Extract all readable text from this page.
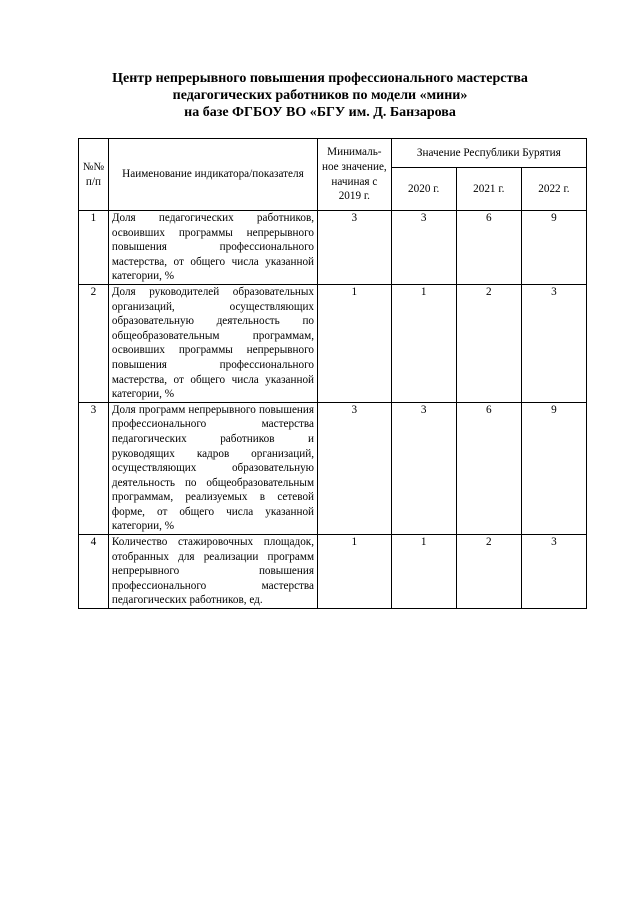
Центр непрерывного повышения профессионального мастерства
педагогических работников по модели «мини»
на базе ФГБОУ ВО «БГУ им. Д. Банзарова
№№ п/п	Наименование индикатора/показателя	Минималь-ное значение, начиная с 2019 г.	Значение Республики Бурятия		
			2020 г.	2021 г.	2022 г.
1	Доля педагогических работников, освоивших программы непрерывного повышения профессионального мастерства, от общего числа указанной категории, %	3	3	6	9
2	Доля руководителей образовательных организаций, осуществляющих образовательную деятельность по общеобразовательным программам, освоивших программы непрерывного повышения профессионального мастерства, от общего числа указанной категории, %	1	1	2	3
3	Доля программ непрерывного повышения профессионального мастерства педагогических работников и руководящих кадров организаций, осуществляющих образовательную деятельность по общеобразовательным программам, реализуемых в сетевой форме, от общего числа указанной категории, %	3	3	6	9
4	Количество стажировочных площадок, отобранных для реализации программ непрерывного повышения профессионального мастерства педагогических работников, ед.	1	1	2	3
